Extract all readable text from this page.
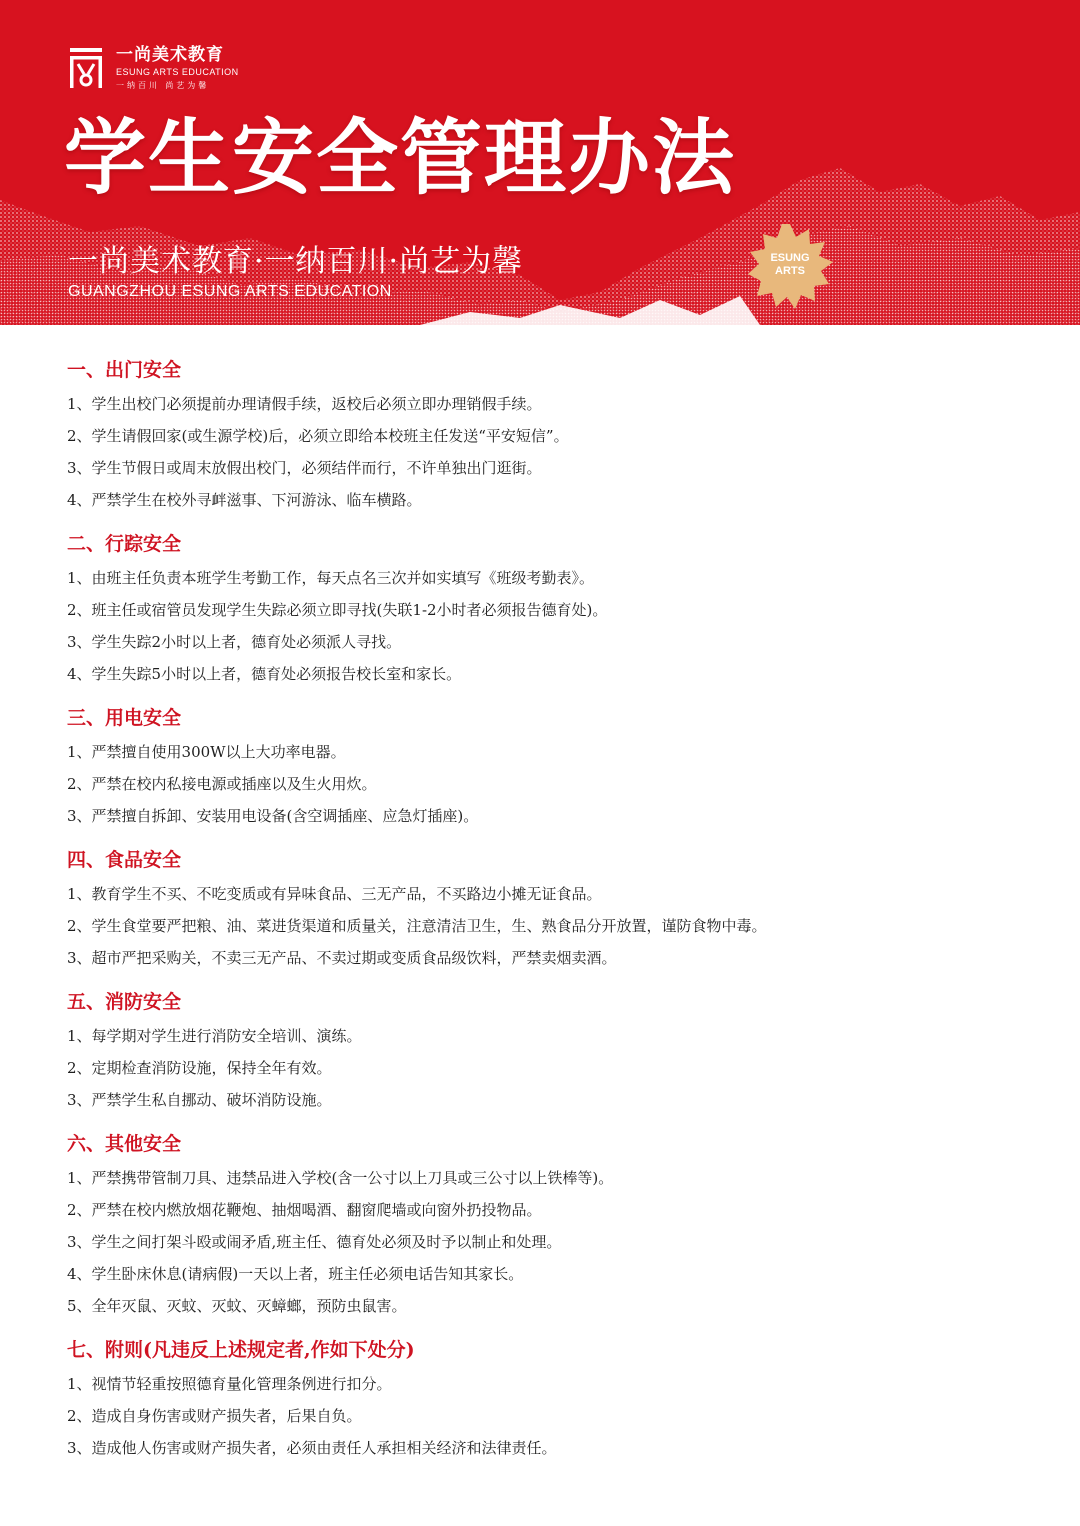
一尚美术教育
ESUNG ARTS EDUCATION
一纳百川 尚艺为馨
学生安全管理办法
一尚美术教育·一纳百川·尚艺为馨
GUANGZHOU ESUNG ARTS EDUCATION
ESUNG
ARTS
一、出门安全
1、学生出校门必须提前办理请假手续，返校后必须立即办理销假手续。
2、学生请假回家(或生源学校)后，必须立即给本校班主任发送“平安短信”。
3、学生节假日或周末放假出校门，必须结伴而行，不许单独出门逛街。
4、严禁学生在校外寻衅滋事、下河游泳、临车横路。
二、行踪安全
1、由班主任负责本班学生考勤工作，每天点名三次并如实填写《班级考勤表》。
2、班主任或宿管员发现学生失踪必须立即寻找(失联1-2小时者必须报告德育处)。
3、学生失踪2小时以上者，德育处必须派人寻找。
4、学生失踪5小时以上者，德育处必须报告校长室和家长。
三、用电安全
1、严禁擅自使用300W以上大功率电器。
2、严禁在校内私接电源或插座以及生火用炊。
3、严禁擅自拆卸、安装用电设备(含空调插座、应急灯插座)。
四、食品安全
1、教育学生不买、不吃变质或有异味食品、三无产品，不买路边小摊无证食品。
2、学生食堂要严把粮、油、菜进货渠道和质量关，注意清洁卫生，生、熟食品分开放置，谨防食物中毒。
3、超市严把采购关，不卖三无产品、不卖过期或变质食品级饮料，严禁卖烟卖酒。
五、消防安全
1、每学期对学生进行消防安全培训、演练。
2、定期检查消防设施，保持全年有效。
3、严禁学生私自挪动、破坏消防设施。
六、其他安全
1、严禁携带管制刀具、违禁品进入学校(含一公寸以上刀具或三公寸以上铁棒等)。
2、严禁在校内燃放烟花鞭炮、抽烟喝酒、翻窗爬墙或向窗外扔投物品。
3、学生之间打架斗殴或闹矛盾,班主任、德育处必须及时予以制止和处理。
4、学生卧床休息(请病假)一天以上者，班主任必须电话告知其家长。
5、全年灭鼠、灭蚊、灭蚊、灭蟑螂，预防虫鼠害。
七、附则(凡违反上述规定者,作如下处分)
1、视情节轻重按照德育量化管理条例进行扣分。
2、造成自身伤害或财产损失者，后果自负。
3、造成他人伤害或财产损失者，必须由责任人承担相关经济和法律责任。
